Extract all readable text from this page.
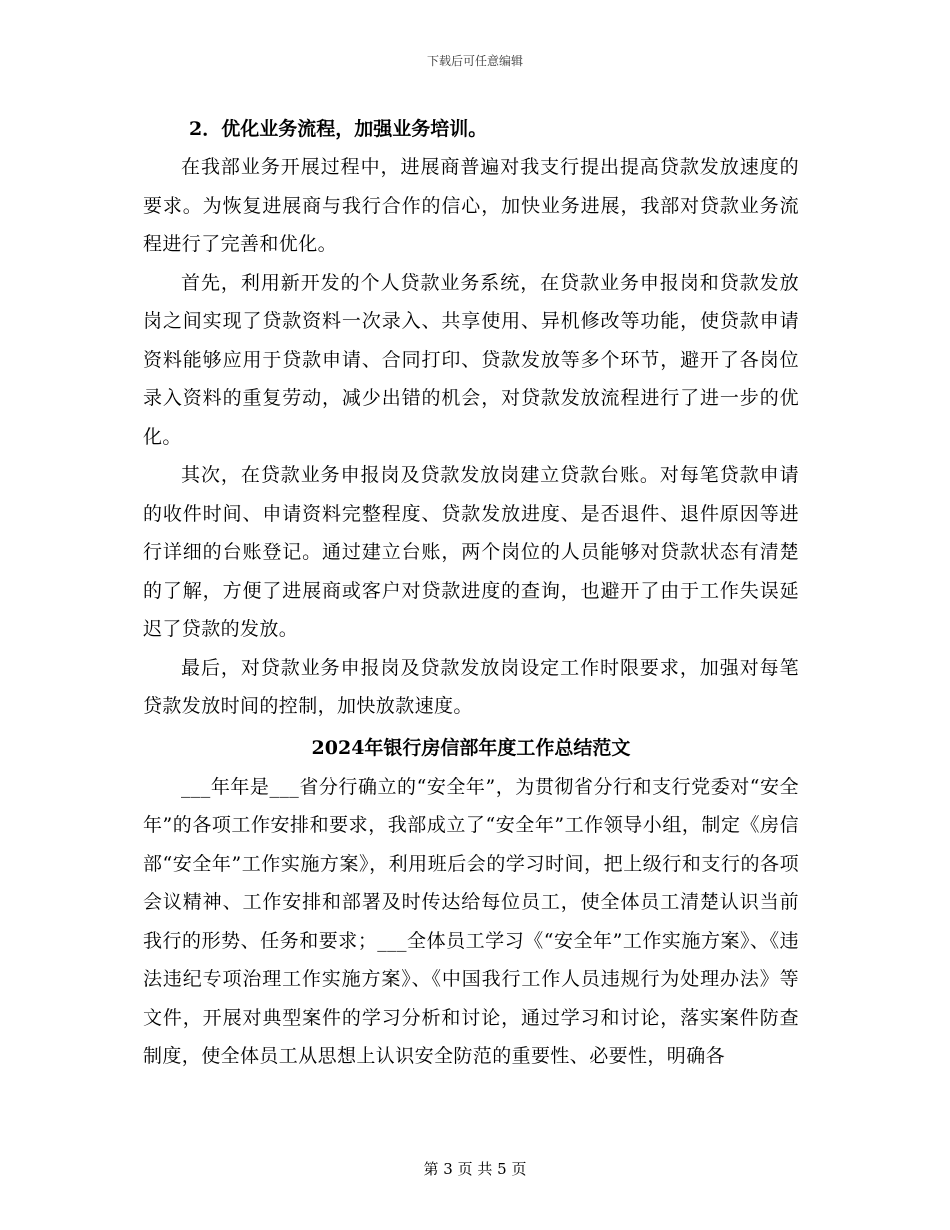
下载后可任意编辑

2．优化业务流程，加强业务培训。

在我部业务开展过程中，进展商普遍对我支行提出提高贷款发放速度的要求。为恢复进展商与我行合作的信心，加快业务进展，我部对贷款业务流程进行了完善和优化。

首先，利用新开发的个人贷款业务系统，在贷款业务申报岗和贷款发放岗之间实现了贷款资料一次录入、共享使用、异机修改等功能，使贷款申请资料能够应用于贷款申请、合同打印、贷款发放等多个环节，避开了各岗位录入资料的重复劳动，减少出错的机会，对贷款发放流程进行了进一步的优化。

其次，在贷款业务申报岗及贷款发放岗建立贷款台账。对每笔贷款申请的收件时间、申请资料完整程度、贷款发放进度、是否退件、退件原因等进行详细的台账登记。通过建立台账，两个岗位的人员能够对贷款状态有清楚的了解，方便了进展商或客户对贷款进度的查询，也避开了由于工作失误延迟了贷款的发放。

最后，对贷款业务申报岗及贷款发放岗设定工作时限要求，加强对每笔贷款发放时间的控制，加快放款速度。

2024年银行房信部年度工作总结范文

___年年是___省分行确立的“安全年”，为贯彻省分行和支行党委对“安全年”的各项工作安排和要求，我部成立了“安全年”工作领导小组，制定《房信部“安全年”工作实施方案》，利用班后会的学习时间，把上级行和支行的各项会议精神、工作安排和部署及时传达给每位员工，使全体员工清楚认识当前我行的形势、任务和要求；___全体员工学习《“安全年”工作实施方案》、《违法违纪专项治理工作实施方案》、《中国我行工作人员违规行为处理办法》等文件，开展对典型案件的学习分析和讨论，通过学习和讨论，落实案件防查制度，使全体员工从思想上认识安全防范的重要性、必要性，明确各

第 3 页 共 5 页
